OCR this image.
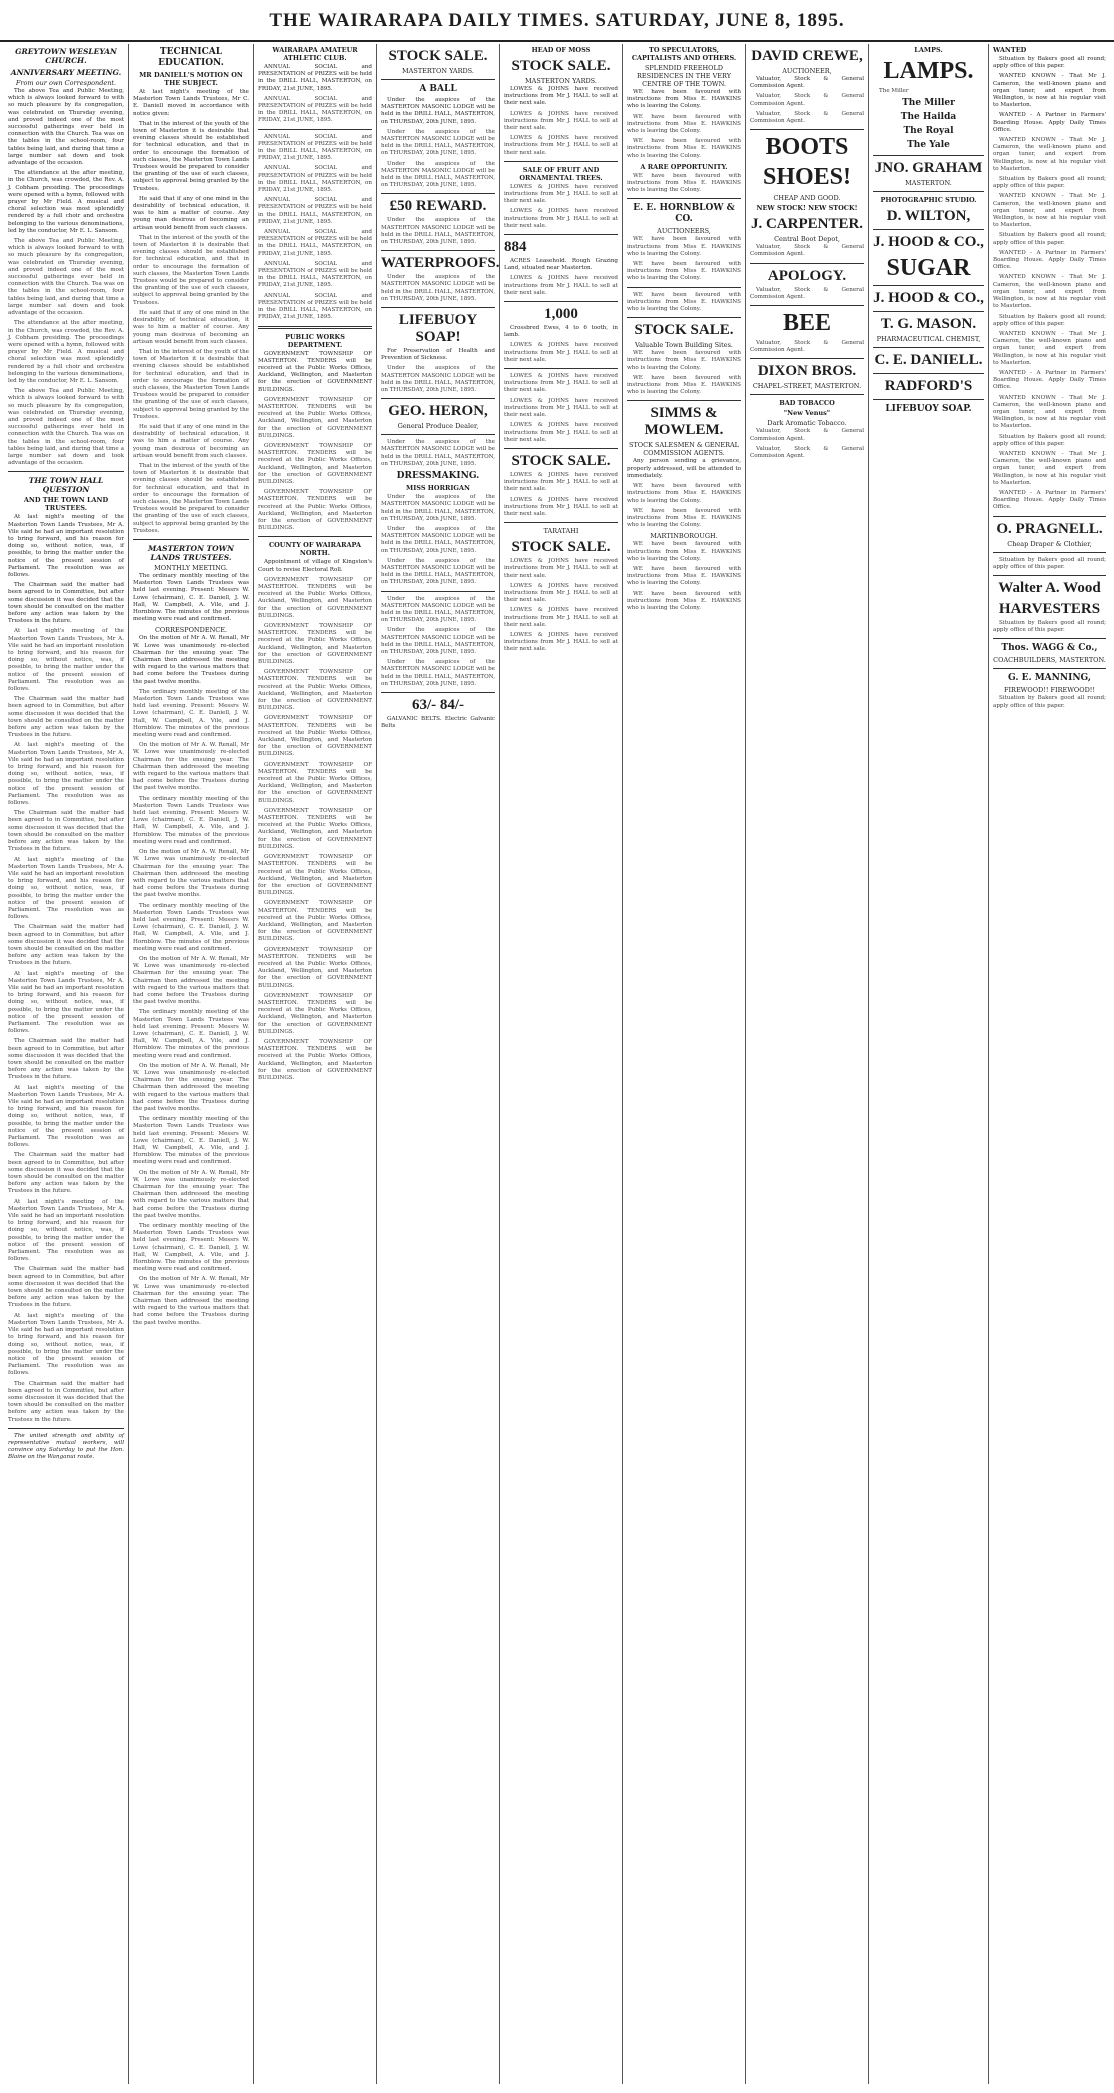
THE WAIRARAPA DAILY TIMES. SATURDAY, JUNE 8, 1895.
GREYTOWN WESLEYAN CHURCH.
ANNIVERSARY MEETING.
From our own Correspondent.

The above Tea and Public Meeting, which is always looked forward to with so much pleasure by its congregation, was celebrated on Thursday evening, and proved indeed one of the most successful gatherings ever held in connection with the Church. Tea was on the tables in the school-room, four tables being laid, and during that time a large number sat down and took advantage of the occasion.

The attendance at the after meeting, in the Church, was crowded, the Rev. A. J. Cobham presiding. The proceedings were opened with a hymn, followed with prayer by Mr Field. A musical and choral selection was most splendidly rendered by a full choir and orchestra belonging to the various denominations, led by the conductor, Mr E. L. Sansom.

The above Tea and Public Meeting, which is always looked forward to with so much pleasure by its congregation, was celebrated on Thursday evening, and proved indeed one of the most successful gatherings ever held in connection with the Church. Tea was on the tables in the school-room, four tables being laid, and during that time a large number sat down and took advantage of the occasion.

The attendance at the after meeting, in the Church, was crowded, the Rev. A. J. Cobham presiding. The proceedings were opened with a hymn, followed with prayer by Mr Field. A musical and choral selection was most splendidly rendered by a full choir and orchestra belonging to the various denominations, led by the conductor, Mr E. L. Sansom.

The above Tea and Public Meeting, which is always looked forward to with so much pleasure by its congregation, was celebrated on Thursday evening, and proved indeed one of the most successful gatherings ever held in connection with the Church. Tea was on the tables in the school-room, four tables being laid, and during that time a large number sat down and took advantage of the occasion.

THE TOWN HALL QUESTION
AND THE TOWN LAND TRUSTEES.

At last night's meeting of the Masterton Town Lands Trustees, Mr A. Vile said he had an important resolution to bring forward, and his reason for doing so, without notice, was, if possible, to bring the matter under the notice of the present session of Parliament. The resolution was as follows.

The Chairman said the matter had been agreed to in Committee, but after some discussion it was decided that the town should be consulted on the matter before any action was taken by the Trustees in the future.

At last night's meeting of the Masterton Town Lands Trustees, Mr A. Vile said he had an important resolution to bring forward, and his reason for doing so, without notice, was, if possible, to bring the matter under the notice of the present session of Parliament. The resolution was as follows.

The Chairman said the matter had been agreed to in Committee, but after some discussion it was decided that the town should be consulted on the matter before any action was taken by the Trustees in the future.

At last night's meeting of the Masterton Town Lands Trustees, Mr A. Vile said he had an important resolution to bring forward, and his reason for doing so, without notice, was, if possible, to bring the matter under the notice of the present session of Parliament. The resolution was as follows.

The Chairman said the matter had been agreed to in Committee, but after some discussion it was decided that the town should be consulted on the matter before any action was taken by the Trustees in the future.

At last night's meeting of the Masterton Town Lands Trustees, Mr A. Vile said he had an important resolution to bring forward, and his reason for doing so, without notice, was, if possible, to bring the matter under the notice of the present session of Parliament. The resolution was as follows.

The Chairman said the matter had been agreed to in Committee, but after some discussion it was decided that the town should be consulted on the matter before any action was taken by the Trustees in the future.

At last night's meeting of the Masterton Town Lands Trustees, Mr A. Vile said he had an important resolution to bring forward, and his reason for doing so, without notice, was, if possible, to bring the matter under the notice of the present session of Parliament. The resolution was as follows.

The Chairman said the matter had been agreed to in Committee, but after some discussion it was decided that the town should be consulted on the matter before any action was taken by the Trustees in the future.

At last night's meeting of the Masterton Town Lands Trustees, Mr A. Vile said he had an important resolution to bring forward, and his reason for doing so, without notice, was, if possible, to bring the matter under the notice of the present session of Parliament. The resolution was as follows.

The Chairman said the matter had been agreed to in Committee, but after some discussion it was decided that the town should be consulted on the matter before any action was taken by the Trustees in the future.

At last night's meeting of the Masterton Town Lands Trustees, Mr A. Vile said he had an important resolution to bring forward, and his reason for doing so, without notice, was, if possible, to bring the matter under the notice of the present session of Parliament. The resolution was as follows.

The Chairman said the matter had been agreed to in Committee, but after some discussion it was decided that the town should be consulted on the matter before any action was taken by the Trustees in the future.

At last night's meeting of the Masterton Town Lands Trustees, Mr A. Vile said he had an important resolution to bring forward, and his reason for doing so, without notice, was, if possible, to bring the matter under the notice of the present session of Parliament. The resolution was as follows.

The Chairman said the matter had been agreed to in Committee, but after some discussion it was decided that the town should be consulted on the matter before any action was taken by the Trustees in the future.

The united strength and ability of representative mutual workers, will convince any Saturday to put the Hon. Blaine on the Wanganui route.

TECHNICAL EDUCATION.
MR DANIELL'S MOTION ON THE SUBJECT.

At last night's meeting of the Masterton Town Lands Trustees, Mr C. E. Daniell moved in accordance with notice given:

That in the interest of the youth of the town of Masterton it is desirable that evening classes should be established for technical education, and that in order to encourage the formation of such classes, the Masterton Town Lands Trustees would be prepared to consider the granting of the use of such classes, subject to approval being granted by the Trustees.

He said that if any of one mind in the desirability of technical education, it was to him a matter of course. Any young man desirous of becoming an artisan would benefit from such classes.

That in the interest of the youth of the town of Masterton it is desirable that evening classes should be established for technical education, and that in order to encourage the formation of such classes, the Masterton Town Lands Trustees would be prepared to consider the granting of the use of such classes, subject to approval being granted by the Trustees.

He said that if any of one mind in the desirability of technical education, it was to him a matter of course. Any young man desirous of becoming an artisan would benefit from such classes.

That in the interest of the youth of the town of Masterton it is desirable that evening classes should be established for technical education, and that in order to encourage the formation of such classes, the Masterton Town Lands Trustees would be prepared to consider the granting of the use of such classes, subject to approval being granted by the Trustees.

He said that if any of one mind in the desirability of technical education, it was to him a matter of course. Any young man desirous of becoming an artisan would benefit from such classes.

That in the interest of the youth of the town of Masterton it is desirable that evening classes should be established for technical education, and that in order to encourage the formation of such classes, the Masterton Town Lands Trustees would be prepared to consider the granting of the use of such classes, subject to approval being granted by the Trustees.

MASTERTON TOWN LANDS TRUSTEES.
MONTHLY MEETING.

The ordinary monthly meeting of the Masterton Town Lands Trustees was held last evening. Present: Messrs W. Lowe (chairman), C. E. Daniell, J. W. Hall, W. Campbell, A. Vile, and J. Hornblow. The minutes of the previous meeting were read and confirmed.

CORRESPONDENCE.

On the motion of Mr A. W. Renall, Mr W. Lowe was unanimously re-elected Chairman for the ensuing year. The Chairman then addressed the meeting with regard to the various matters that had come before the Trustees during the past twelve months.

The ordinary monthly meeting of the Masterton Town Lands Trustees was held last evening. Present: Messrs W. Lowe (chairman), C. E. Daniell, J. W. Hall, W. Campbell, A. Vile, and J. Hornblow. The minutes of the previous meeting were read and confirmed.

On the motion of Mr A. W. Renall, Mr W. Lowe was unanimously re-elected Chairman for the ensuing year. The Chairman then addressed the meeting with regard to the various matters that had come before the Trustees during the past twelve months.

The ordinary monthly meeting of the Masterton Town Lands Trustees was held last evening. Present: Messrs W. Lowe (chairman), C. E. Daniell, J. W. Hall, W. Campbell, A. Vile, and J. Hornblow. The minutes of the previous meeting were read and confirmed.

On the motion of Mr A. W. Renall, Mr W. Lowe was unanimously re-elected Chairman for the ensuing year. The Chairman then addressed the meeting with regard to the various matters that had come before the Trustees during the past twelve months.

The ordinary monthly meeting of the Masterton Town Lands Trustees was held last evening. Present: Messrs W. Lowe (chairman), C. E. Daniell, J. W. Hall, W. Campbell, A. Vile, and J. Hornblow. The minutes of the previous meeting were read and confirmed.

On the motion of Mr A. W. Renall, Mr W. Lowe was unanimously re-elected Chairman for the ensuing year. The Chairman then addressed the meeting with regard to the various matters that had come before the Trustees during the past twelve months.

The ordinary monthly meeting of the Masterton Town Lands Trustees was held last evening. Present: Messrs W. Lowe (chairman), C. E. Daniell, J. W. Hall, W. Campbell, A. Vile, and J. Hornblow. The minutes of the previous meeting were read and confirmed.

On the motion of Mr A. W. Renall, Mr W. Lowe was unanimously re-elected Chairman for the ensuing year. The Chairman then addressed the meeting with regard to the various matters that had come before the Trustees during the past twelve months.

The ordinary monthly meeting of the Masterton Town Lands Trustees was held last evening. Present: Messrs W. Lowe (chairman), C. E. Daniell, J. W. Hall, W. Campbell, A. Vile, and J. Hornblow. The minutes of the previous meeting were read and confirmed.

On the motion of Mr A. W. Renall, Mr W. Lowe was unanimously re-elected Chairman for the ensuing year. The Chairman then addressed the meeting with regard to the various matters that had come before the Trustees during the past twelve months.

The ordinary monthly meeting of the Masterton Town Lands Trustees was held last evening. Present: Messrs W. Lowe (chairman), C. E. Daniell, J. W. Hall, W. Campbell, A. Vile, and J. Hornblow. The minutes of the previous meeting were read and confirmed.

On the motion of Mr A. W. Renall, Mr W. Lowe was unanimously re-elected Chairman for the ensuing year. The Chairman then addressed the meeting with regard to the various matters that had come before the Trustees during the past twelve months.

WAIRARAPA AMATEUR ATHLETIC CLUB.

ANNUAL SOCIAL and PRESENTATION of PRIZES will be held in the DRILL HALL, MASTERTON, on FRIDAY, 21st JUNE, 1895.

ANNUAL SOCIAL and PRESENTATION of PRIZES will be held in the DRILL HALL, MASTERTON, on FRIDAY, 21st JUNE, 1895.

ANNUAL SOCIAL and PRESENTATION of PRIZES will be held in the DRILL HALL, MASTERTON, on FRIDAY, 21st JUNE, 1895.

ANNUAL SOCIAL and PRESENTATION of PRIZES will be held in the DRILL HALL, MASTERTON, on FRIDAY, 21st JUNE, 1895.

ANNUAL SOCIAL and PRESENTATION of PRIZES will be held in the DRILL HALL, MASTERTON, on FRIDAY, 21st JUNE, 1895.

ANNUAL SOCIAL and PRESENTATION of PRIZES will be held in the DRILL HALL, MASTERTON, on FRIDAY, 21st JUNE, 1895.

ANNUAL SOCIAL and PRESENTATION of PRIZES will be held in the DRILL HALL, MASTERTON, on FRIDAY, 21st JUNE, 1895.

ANNUAL SOCIAL and PRESENTATION of PRIZES will be held in the DRILL HALL, MASTERTON, on FRIDAY, 21st JUNE, 1895.

PUBLIC WORKS DEPARTMENT.

GOVERNMENT TOWNSHIP OF MASTERTON. TENDERS will be received at the Public Works Offices, Auckland, Wellington, and Masterton for the erection of GOVERNMENT BUILDINGS.

GOVERNMENT TOWNSHIP OF MASTERTON. TENDERS will be received at the Public Works Offices, Auckland, Wellington, and Masterton for the erection of GOVERNMENT BUILDINGS.

GOVERNMENT TOWNSHIP OF MASTERTON. TENDERS will be received at the Public Works Offices, Auckland, Wellington, and Masterton for the erection of GOVERNMENT BUILDINGS.

GOVERNMENT TOWNSHIP OF MASTERTON. TENDERS will be received at the Public Works Offices, Auckland, Wellington, and Masterton for the erection of GOVERNMENT BUILDINGS.

COUNTY OF WAIRARAPA NORTH.

Appointment of village of Kingston's Court to revise Electoral Roll.

GOVERNMENT TOWNSHIP OF MASTERTON. TENDERS will be received at the Public Works Offices, Auckland, Wellington, and Masterton for the erection of GOVERNMENT BUILDINGS.

GOVERNMENT TOWNSHIP OF MASTERTON. TENDERS will be received at the Public Works Offices, Auckland, Wellington, and Masterton for the erection of GOVERNMENT BUILDINGS.

GOVERNMENT TOWNSHIP OF MASTERTON. TENDERS will be received at the Public Works Offices, Auckland, Wellington, and Masterton for the erection of GOVERNMENT BUILDINGS.

GOVERNMENT TOWNSHIP OF MASTERTON. TENDERS will be received at the Public Works Offices, Auckland, Wellington, and Masterton for the erection of GOVERNMENT BUILDINGS.

GOVERNMENT TOWNSHIP OF MASTERTON. TENDERS will be received at the Public Works Offices, Auckland, Wellington, and Masterton for the erection of GOVERNMENT BUILDINGS.

GOVERNMENT TOWNSHIP OF MASTERTON. TENDERS will be received at the Public Works Offices, Auckland, Wellington, and Masterton for the erection of GOVERNMENT BUILDINGS.

GOVERNMENT TOWNSHIP OF MASTERTON. TENDERS will be received at the Public Works Offices, Auckland, Wellington, and Masterton for the erection of GOVERNMENT BUILDINGS.

GOVERNMENT TOWNSHIP OF MASTERTON. TENDERS will be received at the Public Works Offices, Auckland, Wellington, and Masterton for the erection of GOVERNMENT BUILDINGS.

GOVERNMENT TOWNSHIP OF MASTERTON. TENDERS will be received at the Public Works Offices, Auckland, Wellington, and Masterton for the erection of GOVERNMENT BUILDINGS.

GOVERNMENT TOWNSHIP OF MASTERTON. TENDERS will be received at the Public Works Offices, Auckland, Wellington, and Masterton for the erection of GOVERNMENT BUILDINGS.

GOVERNMENT TOWNSHIP OF MASTERTON. TENDERS will be received at the Public Works Offices, Auckland, Wellington, and Masterton for the erection of GOVERNMENT BUILDINGS.

STOCK SALE.
MASTERTON YARDS.
A BALL

Under the auspices of the MASTERTON MASONIC LODGE will be held in the DRILL HALL, MASTERTON, on THURSDAY, 20th JUNE, 1895.

Under the auspices of the MASTERTON MASONIC LODGE will be held in the DRILL HALL, MASTERTON, on THURSDAY, 20th JUNE, 1895.

Under the auspices of the MASTERTON MASONIC LODGE will be held in the DRILL HALL, MASTERTON, on THURSDAY, 20th JUNE, 1895.

£50 REWARD.

Under the auspices of the MASTERTON MASONIC LODGE will be held in the DRILL HALL, MASTERTON, on THURSDAY, 20th JUNE, 1895.

WATERPROOFS.

Under the auspices of the MASTERTON MASONIC LODGE will be held in the DRILL HALL, MASTERTON, on THURSDAY, 20th JUNE, 1895.

LIFEBUOY SOAP!

For Preservation of Health and Prevention of Sickness.

Under the auspices of the MASTERTON MASONIC LODGE will be held in the DRILL HALL, MASTERTON, on THURSDAY, 20th JUNE, 1895.

GEO. HERON,
General Produce Dealer,

Under the auspices of the MASTERTON MASONIC LODGE will be held in the DRILL HALL, MASTERTON, on THURSDAY, 20th JUNE, 1895.

DRESSMAKING.
MISS HORRIGAN

Under the auspices of the MASTERTON MASONIC LODGE will be held in the DRILL HALL, MASTERTON, on THURSDAY, 20th JUNE, 1895.

Under the auspices of the MASTERTON MASONIC LODGE will be held in the DRILL HALL, MASTERTON, on THURSDAY, 20th JUNE, 1895.

Under the auspices of the MASTERTON MASONIC LODGE will be held in the DRILL HALL, MASTERTON, on THURSDAY, 20th JUNE, 1895.

Under the auspices of the MASTERTON MASONIC LODGE will be held in the DRILL HALL, MASTERTON, on THURSDAY, 20th JUNE, 1895.

Under the auspices of the MASTERTON MASONIC LODGE will be held in the DRILL HALL, MASTERTON, on THURSDAY, 20th JUNE, 1895.

Under the auspices of the MASTERTON MASONIC LODGE will be held in the DRILL HALL, MASTERTON, on THURSDAY, 20th JUNE, 1895.

63/- 84/-

GALVANIC BELTS. Electric Galvanic Belts

HEAD OF MOSS
STOCK SALE.
MASTERTON YARDS.

LOWES & JOHNS have received instructions from Mr J. HALL to sell at their next sale.

LOWES & JOHNS have received instructions from Mr J. HALL to sell at their next sale.

LOWES & JOHNS have received instructions from Mr J. HALL to sell at their next sale.

SALE OF FRUIT AND ORNAMENTAL TREES.

LOWES & JOHNS have received instructions from Mr J. HALL to sell at their next sale.

LOWES & JOHNS have received instructions from Mr J. HALL to sell at their next sale.

884

ACRES Leasehold. Rough Grazing Land, situated near Masterton.

LOWES & JOHNS have received instructions from Mr J. HALL to sell at their next sale.

1,000

Crossbred Ewes, 4 to 6 tooth, in lamb.

LOWES & JOHNS have received instructions from Mr J. HALL to sell at their next sale.

LOWES & JOHNS have received instructions from Mr J. HALL to sell at their next sale.

LOWES & JOHNS have received instructions from Mr J. HALL to sell at their next sale.

LOWES & JOHNS have received instructions from Mr J. HALL to sell at their next sale.

STOCK SALE.

LOWES & JOHNS have received instructions from Mr J. HALL to sell at their next sale.

LOWES & JOHNS have received instructions from Mr J. HALL to sell at their next sale.

TARATAHI
STOCK SALE.

LOWES & JOHNS have received instructions from Mr J. HALL to sell at their next sale.

LOWES & JOHNS have received instructions from Mr J. HALL to sell at their next sale.

LOWES & JOHNS have received instructions from Mr J. HALL to sell at their next sale.

LOWES & JOHNS have received instructions from Mr J. HALL to sell at their next sale.

TO SPECULATORS, CAPITALISTS AND OTHERS.
SPLENDID FREEHOLD RESIDENCES IN THE VERY CENTRE OF THE TOWN.

WE have been favoured with instructions from Miss E. HAWKINS who is leaving the Colony.

WE have been favoured with instructions from Miss E. HAWKINS who is leaving the Colony.

WE have been favoured with instructions from Miss E. HAWKINS who is leaving the Colony.

A RARE OPPORTUNITY.

WE have been favoured with instructions from Miss E. HAWKINS who is leaving the Colony.

E. E. HORNBLOW & CO.
AUCTIONEERS,

WE have been favoured with instructions from Miss E. HAWKINS who is leaving the Colony.

WE have been favoured with instructions from Miss E. HAWKINS who is leaving the Colony.

WE have been favoured with instructions from Miss E. HAWKINS who is leaving the Colony.

STOCK SALE.
Valuable Town Building Sites.

WE have been favoured with instructions from Miss E. HAWKINS who is leaving the Colony.

WE have been favoured with instructions from Miss E. HAWKINS who is leaving the Colony.

SIMMS & MOWLEM.
STOCK SALESMEN & GENERAL COMMISSION AGENTS.

Any person sending a grievance, properly addressed, will be attended to immediately.

WE have been favoured with instructions from Miss E. HAWKINS who is leaving the Colony.

WE have been favoured with instructions from Miss E. HAWKINS who is leaving the Colony.

MARTINBOROUGH.

WE have been favoured with instructions from Miss E. HAWKINS who is leaving the Colony.

WE have been favoured with instructions from Miss E. HAWKINS who is leaving the Colony.

WE have been favoured with instructions from Miss E. HAWKINS who is leaving the Colony.

DAVID CREWE,
AUCTIONEER,

Valuator, Stock & General Commission Agent.

Valuator, Stock & General Commission Agent.

Valuator, Stock & General Commission Agent.

BOOTS
SHOES!
CHEAP AND GOOD.
NEW STOCK! NEW STOCK!
J. CARPENTER.
Central Boot Depot,

Valuator, Stock & General Commission Agent.

APOLOGY.

Valuator, Stock & General Commission Agent.

BEE

Valuator, Stock & General Commission Agent.

DIXON BROS.
CHAPEL-STREET, MASTERTON.
BAD TOBACCO
"New Venus"
Dark Aromatic Tobacco.

Valuator, Stock & General Commission Agent.

Valuator, Stock & General Commission Agent.

LAMPS.
LAMPS.

The Miller

The Miller
The Hailda
The Royal
The Yale
JNO. GRAHAM
MASTERTON.
PHOTOGRAPHIC STUDIO.
D. WILTON,
J. HOOD & CO.,
SUGAR
J. HOOD & CO.,
T. G. MASON.
PHARMACEUTICAL CHEMIST,
C. E. DANIELL.
RADFORD'S
LIFEBUOY SOAP.
WANTED

Situation by Bakers good all round; apply office of this paper.

WANTED KNOWN - That Mr J. Cameron, the well-known piano and organ tuner, and expert from Wellington, is now at his regular visit to Masterton.

WANTED - A Partner in Farmers' Boarding House. Apply Daily Times Office.

WANTED KNOWN - That Mr J. Cameron, the well-known piano and organ tuner, and expert from Wellington, is now at his regular visit to Masterton.

Situation by Bakers good all round; apply office of this paper.

WANTED KNOWN - That Mr J. Cameron, the well-known piano and organ tuner, and expert from Wellington, is now at his regular visit to Masterton.

Situation by Bakers good all round; apply office of this paper.

WANTED - A Partner in Farmers' Boarding House. Apply Daily Times Office.

WANTED KNOWN - That Mr J. Cameron, the well-known piano and organ tuner, and expert from Wellington, is now at his regular visit to Masterton.

Situation by Bakers good all round; apply office of this paper.

WANTED KNOWN - That Mr J. Cameron, the well-known piano and organ tuner, and expert from Wellington, is now at his regular visit to Masterton.

WANTED - A Partner in Farmers' Boarding House. Apply Daily Times Office.

WANTED KNOWN - That Mr J. Cameron, the well-known piano and organ tuner, and expert from Wellington, is now at his regular visit to Masterton.

Situation by Bakers good all round; apply office of this paper.

WANTED KNOWN - That Mr J. Cameron, the well-known piano and organ tuner, and expert from Wellington, is now at his regular visit to Masterton.

WANTED - A Partner in Farmers' Boarding House. Apply Daily Times Office.

O. PRAGNELL.
Cheap Draper & Clothier,

Situation by Bakers good all round; apply office of this paper.

Walter A. Wood
HARVESTERS

Situation by Bakers good all round; apply office of this paper.

Thos. WAGG & Co.,
COACHBUILDERS, MASTERTON.
G. E. MANNING,
FIREWOOD!! FIREWOOD!!

Situation by Bakers good all round; apply office of this paper.
